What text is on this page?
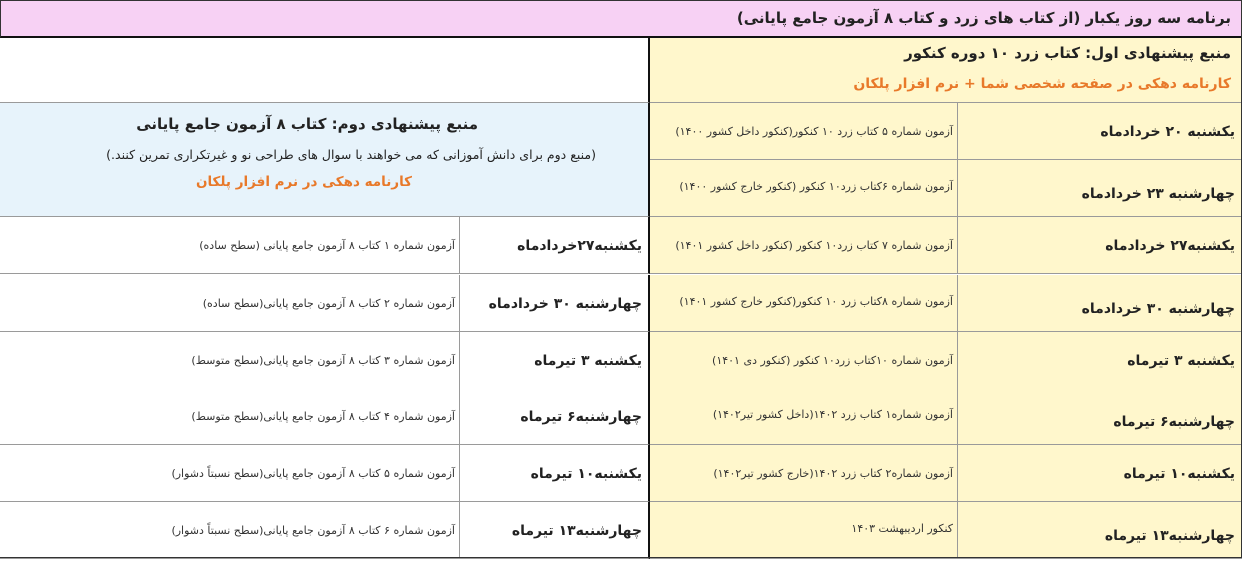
برنامه سه روز یکبار (از کتاب های زرد و کتاب ۸ آزمون جامع پایانی)
منبع پیشنهادی اول: کتاب زرد ۱۰ دوره کنکور
کارنامه دهکی در صفحه شخصی شما + نرم افزار پلکان
منبع پیشنهادی دوم: کتاب ۸ آزمون جامع پایانی
(منبع دوم برای دانش آموزانی که می خواهند با سوال های طراحی نو و غیرتکراری تمرین کنند.)
کارنامه دهکی در نرم افزار پلکان
یکشنبه ۲۰ خردادماه
آزمون شماره ۵ کتاب زرد ۱۰ کنکور(کنکور داخل کشور ۱۴۰۰)
چهارشنبه ۲۳ خردادماه
آزمون شماره ۶کتاب زرد۱۰ کنکور (کنکور خارج کشور ۱۴۰۰)
یکشنبه۲۷ خردادماه
آزمون شماره ۷ کتاب زرد۱۰ کنکور (کنکور داخل کشور ۱۴۰۱)
چهارشنبه ۳۰ خردادماه
آزمون شماره ۸کتاب زرد ۱۰ کنکور(کنکور خارج کشور ۱۴۰۱)
یکشنبه ۳ تیرماه
آزمون شماره ۱۰کتاب زرد۱۰ کنکور (کنکور دی ۱۴۰۱)
چهارشنبه۶ تیرماه
آزمون شماره۱ کتاب زرد ۱۴۰۲(داخل کشور تیر۱۴۰۲)
یکشنبه۱۰ تیرماه
آزمون شماره۲ کتاب زرد ۱۴۰۲(خارج کشور تیر۱۴۰۲)
چهارشنبه۱۳ تیرماه
کنکور اردیبهشت ۱۴۰۳
یکشنبه۲۷خردادماه
آزمون شماره ۱ کتاب ۸ آزمون جامع پایانی (سطح ساده)
چهارشنبه ۳۰ خردادماه
آزمون شماره ۲ کتاب ۸ آزمون جامع پایانی(سطح ساده)
یکشنبه ۳ تیرماه
آزمون شماره ۳ کتاب ۸ آزمون جامع پایانی(سطح متوسط)
چهارشنبه۶ تیرماه
آزمون شماره ۴ کتاب ۸ آزمون جامع پایانی(سطح متوسط)
یکشنبه۱۰ تیرماه
آزمون شماره ۵ کتاب ۸ آزمون جامع پایانی(سطح نسبتاً دشوار)
چهارشنبه۱۳ تیرماه
آزمون شماره ۶ کتاب ۸ آزمون جامع پایانی(سطح نسبتاً دشوار)
